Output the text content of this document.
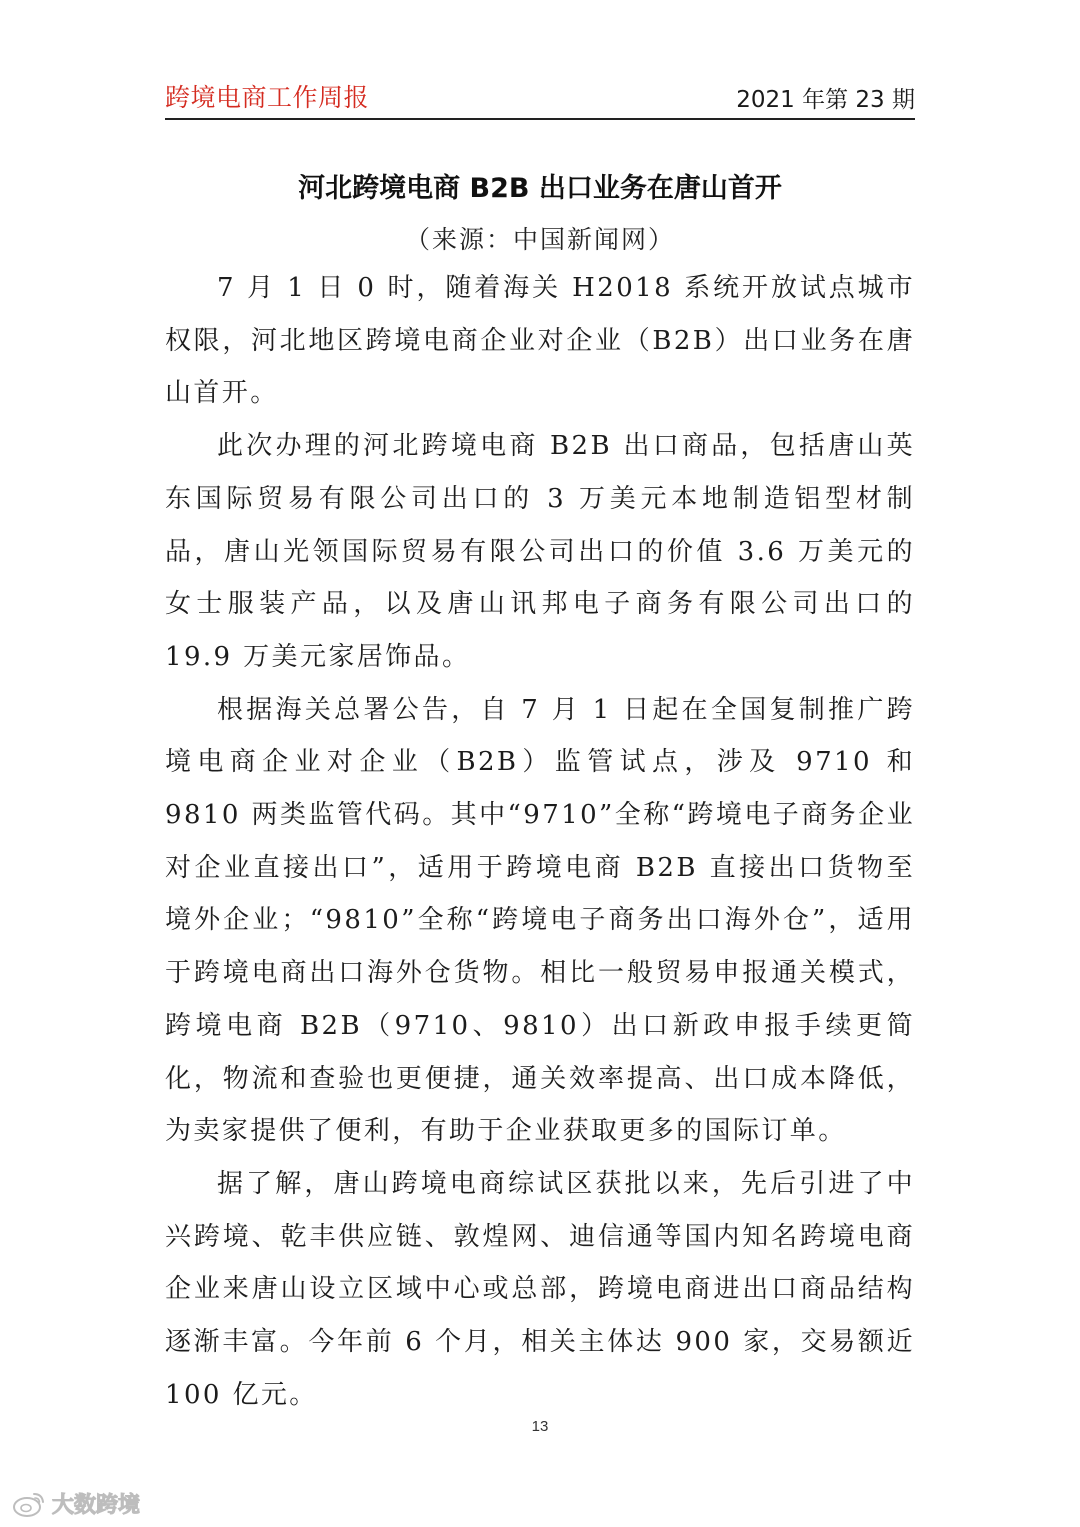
跨境电商工作周报	2021 年第 23 期
河北跨境电商 B2B 出口业务在唐山首开
（来源：中国新闻网）

7 月 1 日 0 时，随着海关 H2018 系统开放试点城市权限，河北地区跨境电商企业对企业（B2B）出口业务在唐山首开。

此次办理的河北跨境电商 B2B 出口商品，包括唐山英东国际贸易有限公司出口的 3 万美元本地制造铝型材制品，唐山光领国际贸易有限公司出口的价值 3.6 万美元的女士服装产品，以及唐山讯邦电子商务有限公司出口的 19.9 万美元家居饰品。

根据海关总署公告，自 7 月 1 日起在全国复制推广跨境电商企业对企业（B2B）监管试点，涉及 9710 和 9810 两类监管代码。其中“9710”全称“跨境电子商务企业对企业直接出口”，适用于跨境电商 B2B 直接出口货物至境外企业；“9810”全称“跨境电子商务出口海外仓”，适用于跨境电商出口海外仓货物。相比一般贸易申报通关模式，跨境电商 B2B（9710、9810）出口新政申报手续更简化，物流和查验也更便捷，通关效率提高、出口成本降低，为卖家提供了便利，有助于企业获取更多的国际订单。

据了解，唐山跨境电商综试区获批以来，先后引进了中兴跨境、乾丰供应链、敦煌网、迪信通等国内知名跨境电商企业来唐山设立区域中心或总部，跨境电商进出口商品结构逐渐丰富。今年前 6 个月，相关主体达 900 家，交易额近 100 亿元。

13
大数跨境
